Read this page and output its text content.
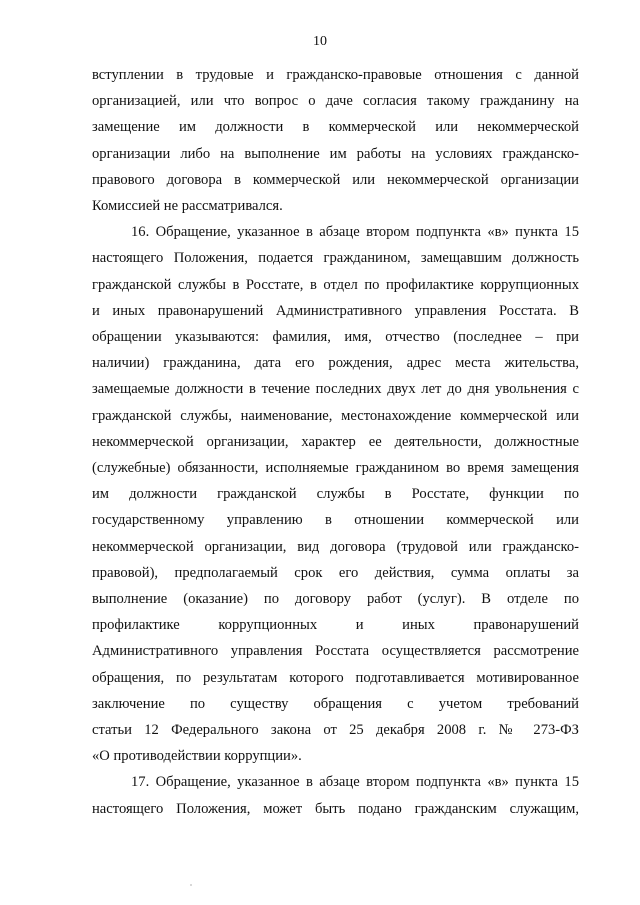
10
вступлении в трудовые и гражданско-правовые отношения с данной
организацией, или что вопрос о даче согласия такому гражданину на
замещение им должности в коммерческой или некоммерческой
организации либо на выполнение им работы на условиях гражданско-
правового договора в коммерческой или некоммерческой организации
Комиссией не рассматривался.
16. Обращение, указанное в абзаце втором подпункта «в» пункта 15
настоящего Положения, подается гражданином, замещавшим должность
гражданской службы в Росстате, в отдел по профилактике коррупционных
и иных правонарушений Административного управления Росстата. В
обращении указываются: фамилия, имя, отчество (последнее – при
наличии) гражданина, дата его рождения, адрес места жительства,
замещаемые должности в течение последних двух лет до дня увольнения с
гражданской службы, наименование, местонахождение коммерческой или
некоммерческой организации, характер ее деятельности, должностные
(служебные) обязанности, исполняемые гражданином во время замещения
им должности гражданской службы в Росстате, функции по
государственному управлению в отношении коммерческой или
некоммерческой организации, вид договора (трудовой или гражданско-
правовой), предполагаемый срок его действия, сумма оплаты за
выполнение (оказание) по договору работ (услуг). В отделе по
профилактике коррупционных и иных правонарушений
Административного управления Росстата осуществляется рассмотрение
обращения, по результатам которого подготавливается мотивированное
заключение по существу обращения с учетом требований
статьи 12 Федерального закона от 25 декабря 2008 г. № 273-ФЗ
«О противодействии коррупции».
17. Обращение, указанное в абзаце втором подпункта «в» пункта 15
настоящего Положения, может быть подано гражданским служащим,
